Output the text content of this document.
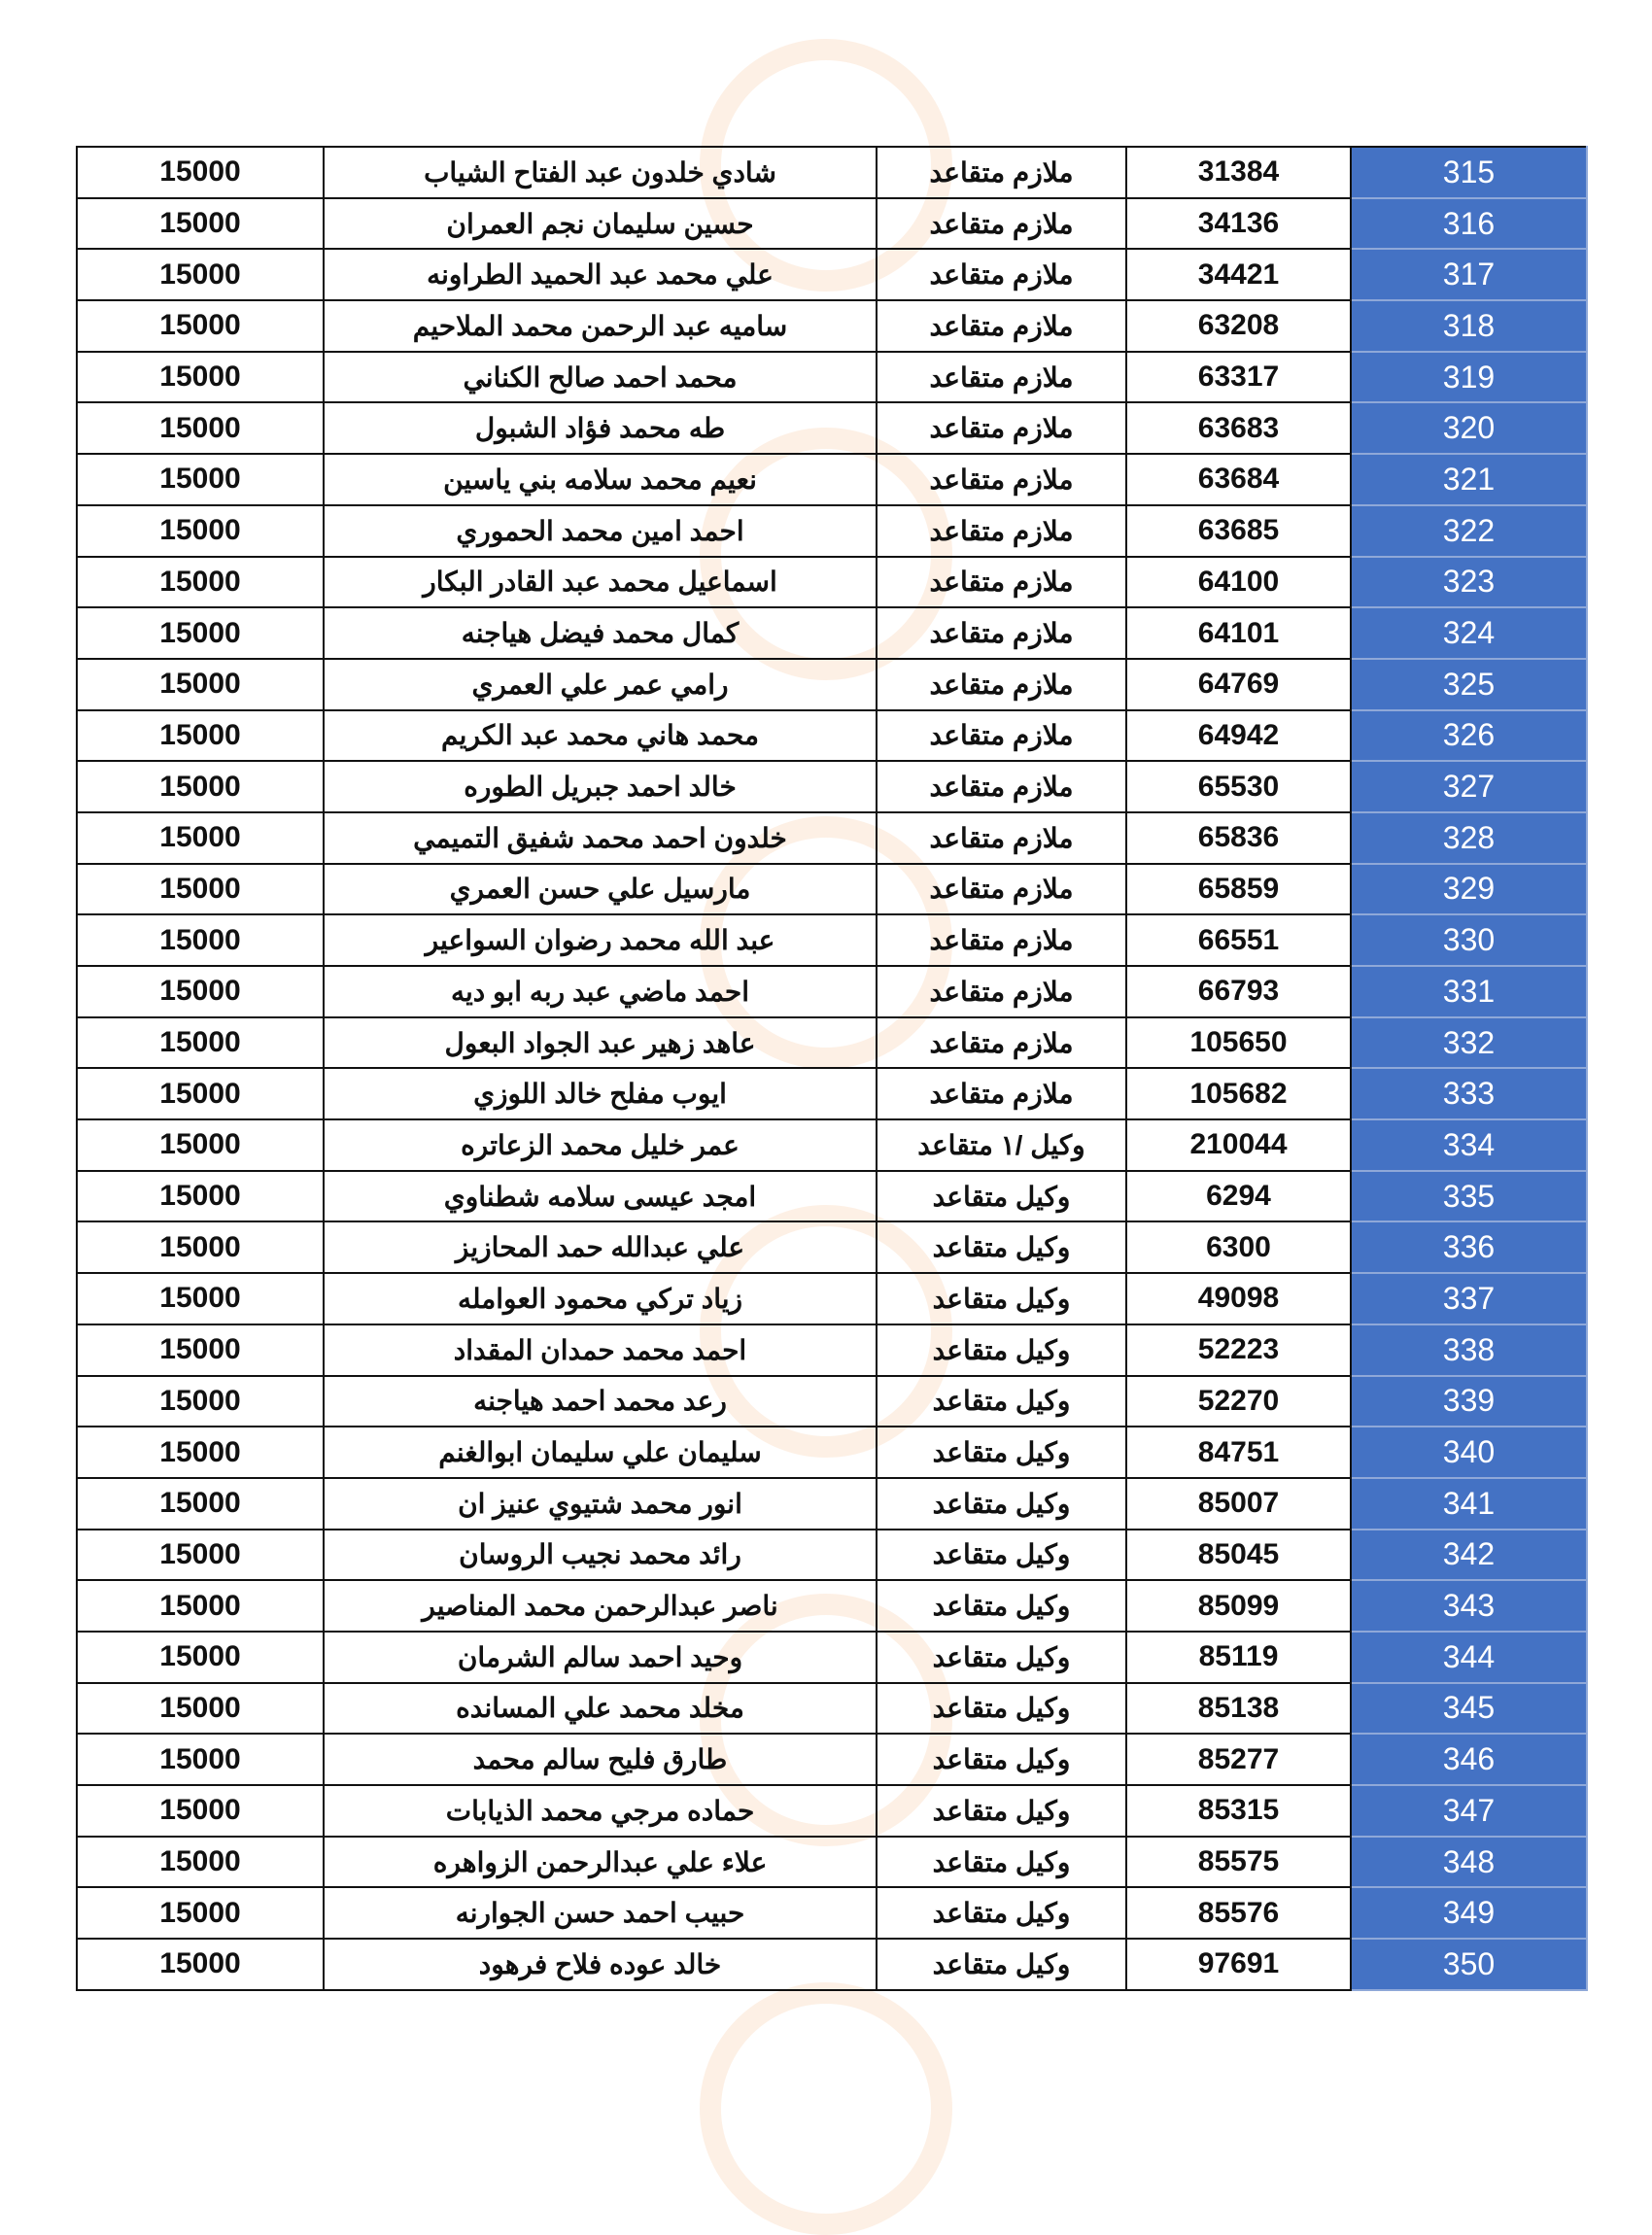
15000	شادي خلدون عبد الفتاح الشياب	ملازم متقاعد	31384	315
15000	حسين سليمان نجم العمران	ملازم متقاعد	34136	316
15000	علي محمد عبد الحميد الطراونه	ملازم متقاعد	34421	317
15000	ساميه عبد الرحمن محمد الملاحيم	ملازم متقاعد	63208	318
15000	محمد احمد صالح الكناني	ملازم متقاعد	63317	319
15000	طه محمد فؤاد الشبول	ملازم متقاعد	63683	320
15000	نعيم محمد سلامه بني ياسين	ملازم متقاعد	63684	321
15000	احمد امين محمد الحموري	ملازم متقاعد	63685	322
15000	اسماعيل محمد عبد القادر البكار	ملازم متقاعد	64100	323
15000	كمال محمد فيضل هياجنه	ملازم متقاعد	64101	324
15000	رامي عمر علي العمري	ملازم متقاعد	64769	325
15000	محمد هاني محمد عبد الكريم	ملازم متقاعد	64942	326
15000	خالد احمد جبريل الطوره	ملازم متقاعد	65530	327
15000	خلدون احمد محمد شفيق التميمي	ملازم متقاعد	65836	328
15000	مارسيل علي حسن العمري	ملازم متقاعد	65859	329
15000	عبد الله محمد رضوان السواعير	ملازم متقاعد	66551	330
15000	احمد ماضي عبد ربه ابو ديه	ملازم متقاعد	66793	331
15000	عاهد زهير عبد الجواد البعول	ملازم متقاعد	105650	332
15000	ايوب مفلح خالد اللوزي	ملازم متقاعد	105682	333
15000	عمر خليل محمد الزعاتره	وكيل /١ متقاعد	210044	334
15000	امجد عيسى سلامه شطناوي	وكيل متقاعد	6294	335
15000	علي عبدالله حمد المحازيز	وكيل متقاعد	6300	336
15000	زياد تركي محمود العوامله	وكيل متقاعد	49098	337
15000	احمد محمد حمدان المقداد	وكيل متقاعد	52223	338
15000	رعد محمد احمد هياجنه	وكيل متقاعد	52270	339
15000	سليمان علي سليمان ابوالغنم	وكيل متقاعد	84751	340
15000	انور محمد شتيوي عنيز ان	وكيل متقاعد	85007	341
15000	رائد محمد نجيب الروسان	وكيل متقاعد	85045	342
15000	ناصر عبدالرحمن محمد المناصير	وكيل متقاعد	85099	343
15000	وحيد احمد سالم الشرمان	وكيل متقاعد	85119	344
15000	مخلد محمد علي المسانده	وكيل متقاعد	85138	345
15000	طارق فليح سالم محمد	وكيل متقاعد	85277	346
15000	حماده مرجي محمد الذيابات	وكيل متقاعد	85315	347
15000	علاء علي عبدالرحمن الزواهره	وكيل متقاعد	85575	348
15000	حبيب احمد حسن الجوارنه	وكيل متقاعد	85576	349
15000	خالد عوده فلاح فرهود	وكيل متقاعد	97691	350
